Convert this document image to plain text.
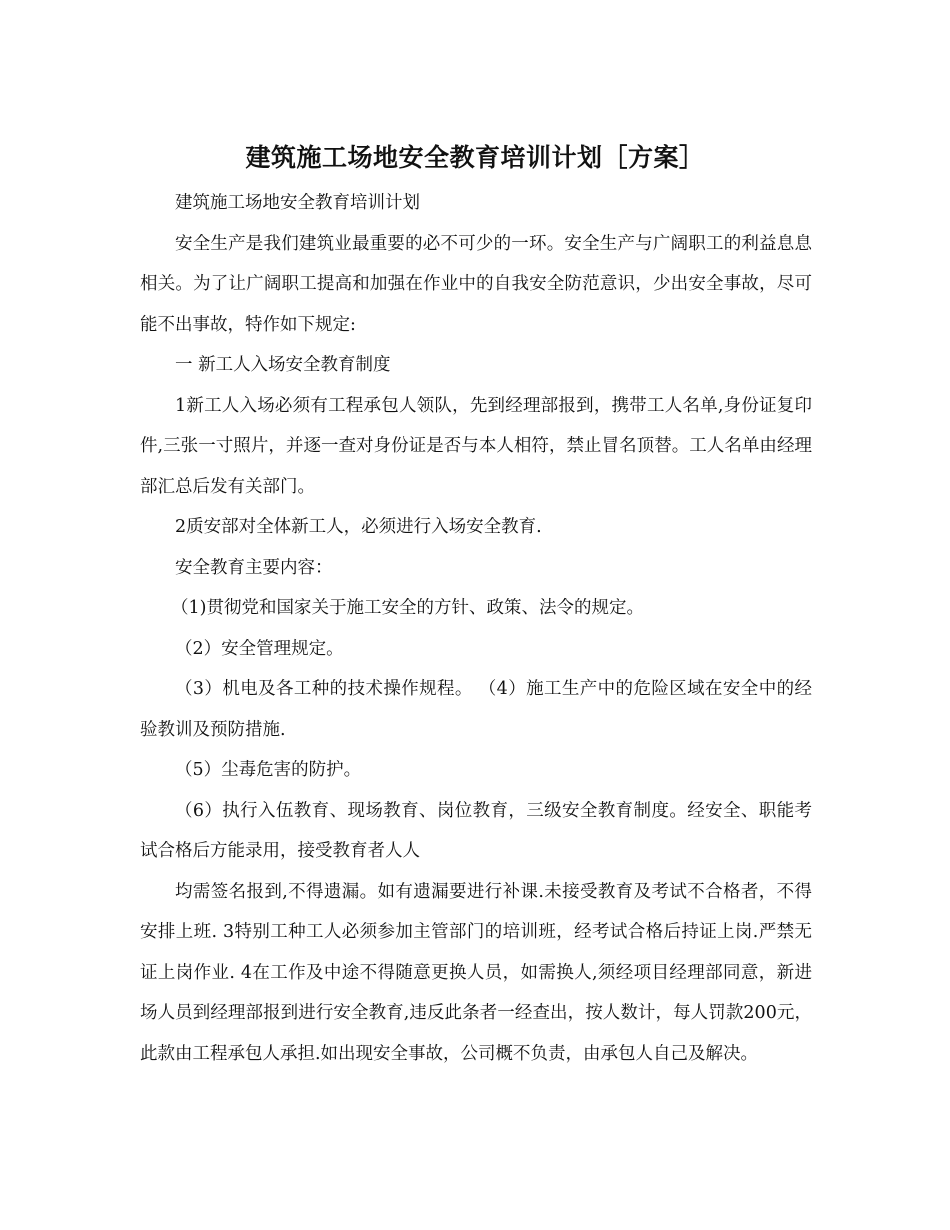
建筑施工场地安全教育培训计划［方案］

建筑施工场地安全教育培训计划

安全生产是我们建筑业最重要的必不可少的一环。安全生产与广阔职工的利益息息相关。为了让广阔职工提高和加强在作业中的自我安全防范意识，少出安全事故，尽可能不出事故，特作如下规定:

一 新工人入场安全教育制度

1新工人入场必须有工程承包人领队，先到经理部报到，携带工人名单,身份证复印件,三张一寸照片，并逐一查对身份证是否与本人相符，禁止冒名顶替。工人名单由经理部汇总后发有关部门。

2质安部对全体新工人，必须进行入场安全教育.

安全教育主要内容：

（1)贯彻党和国家关于施工安全的方针、政策、法令的规定。

（2）安全管理规定。

（3）机电及各工种的技术操作规程。 （4）施工生产中的危险区域在安全中的经验教训及预防措施.

（5）尘毒危害的防护。

（6）执行入伍教育、现场教育、岗位教育，三级安全教育制度。经安全、职能考试合格后方能录用，接受教育者人人

均需签名报到,不得遗漏。如有遗漏要进行补课.未接受教育及考试不合格者，不得安排上班. 3特别工种工人必须参加主管部门的培训班，经考试合格后持证上岗.严禁无证上岗作业. 4在工作及中途不得随意更换人员，如需换人,须经项目经理部同意，新进场人员到经理部报到进行安全教育,违反此条者一经查出，按人数计，每人罚款200元，此款由工程承包人承担.如出现安全事故，公司概不负责，由承包人自己及解决。
